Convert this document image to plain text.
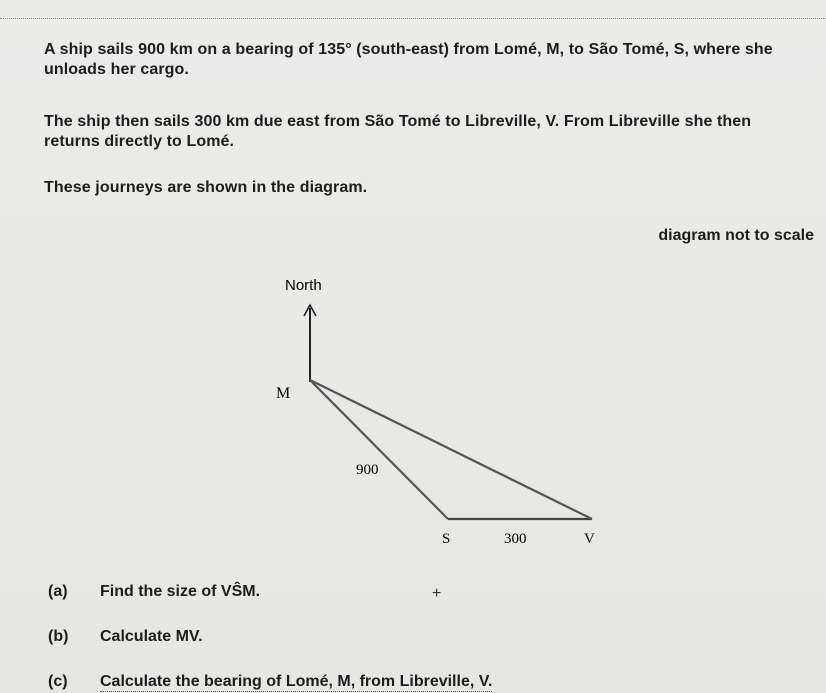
A ship sails 900 km on a bearing of 135° (south-east) from Lomé, M, to São Tomé, S, where she unloads her cargo.
The ship then sails 300 km due east from São Tomé to Libreville, V. From Libreville she then returns directly to Lomé.
These journeys are shown in the diagram.
diagram not to scale
North
M
900
S	300	V
(a)	Find the size of VŜM.	+
(b)	Calculate MV.
(c)	Calculate the bearing of Lomé, M, from Libreville, V.
